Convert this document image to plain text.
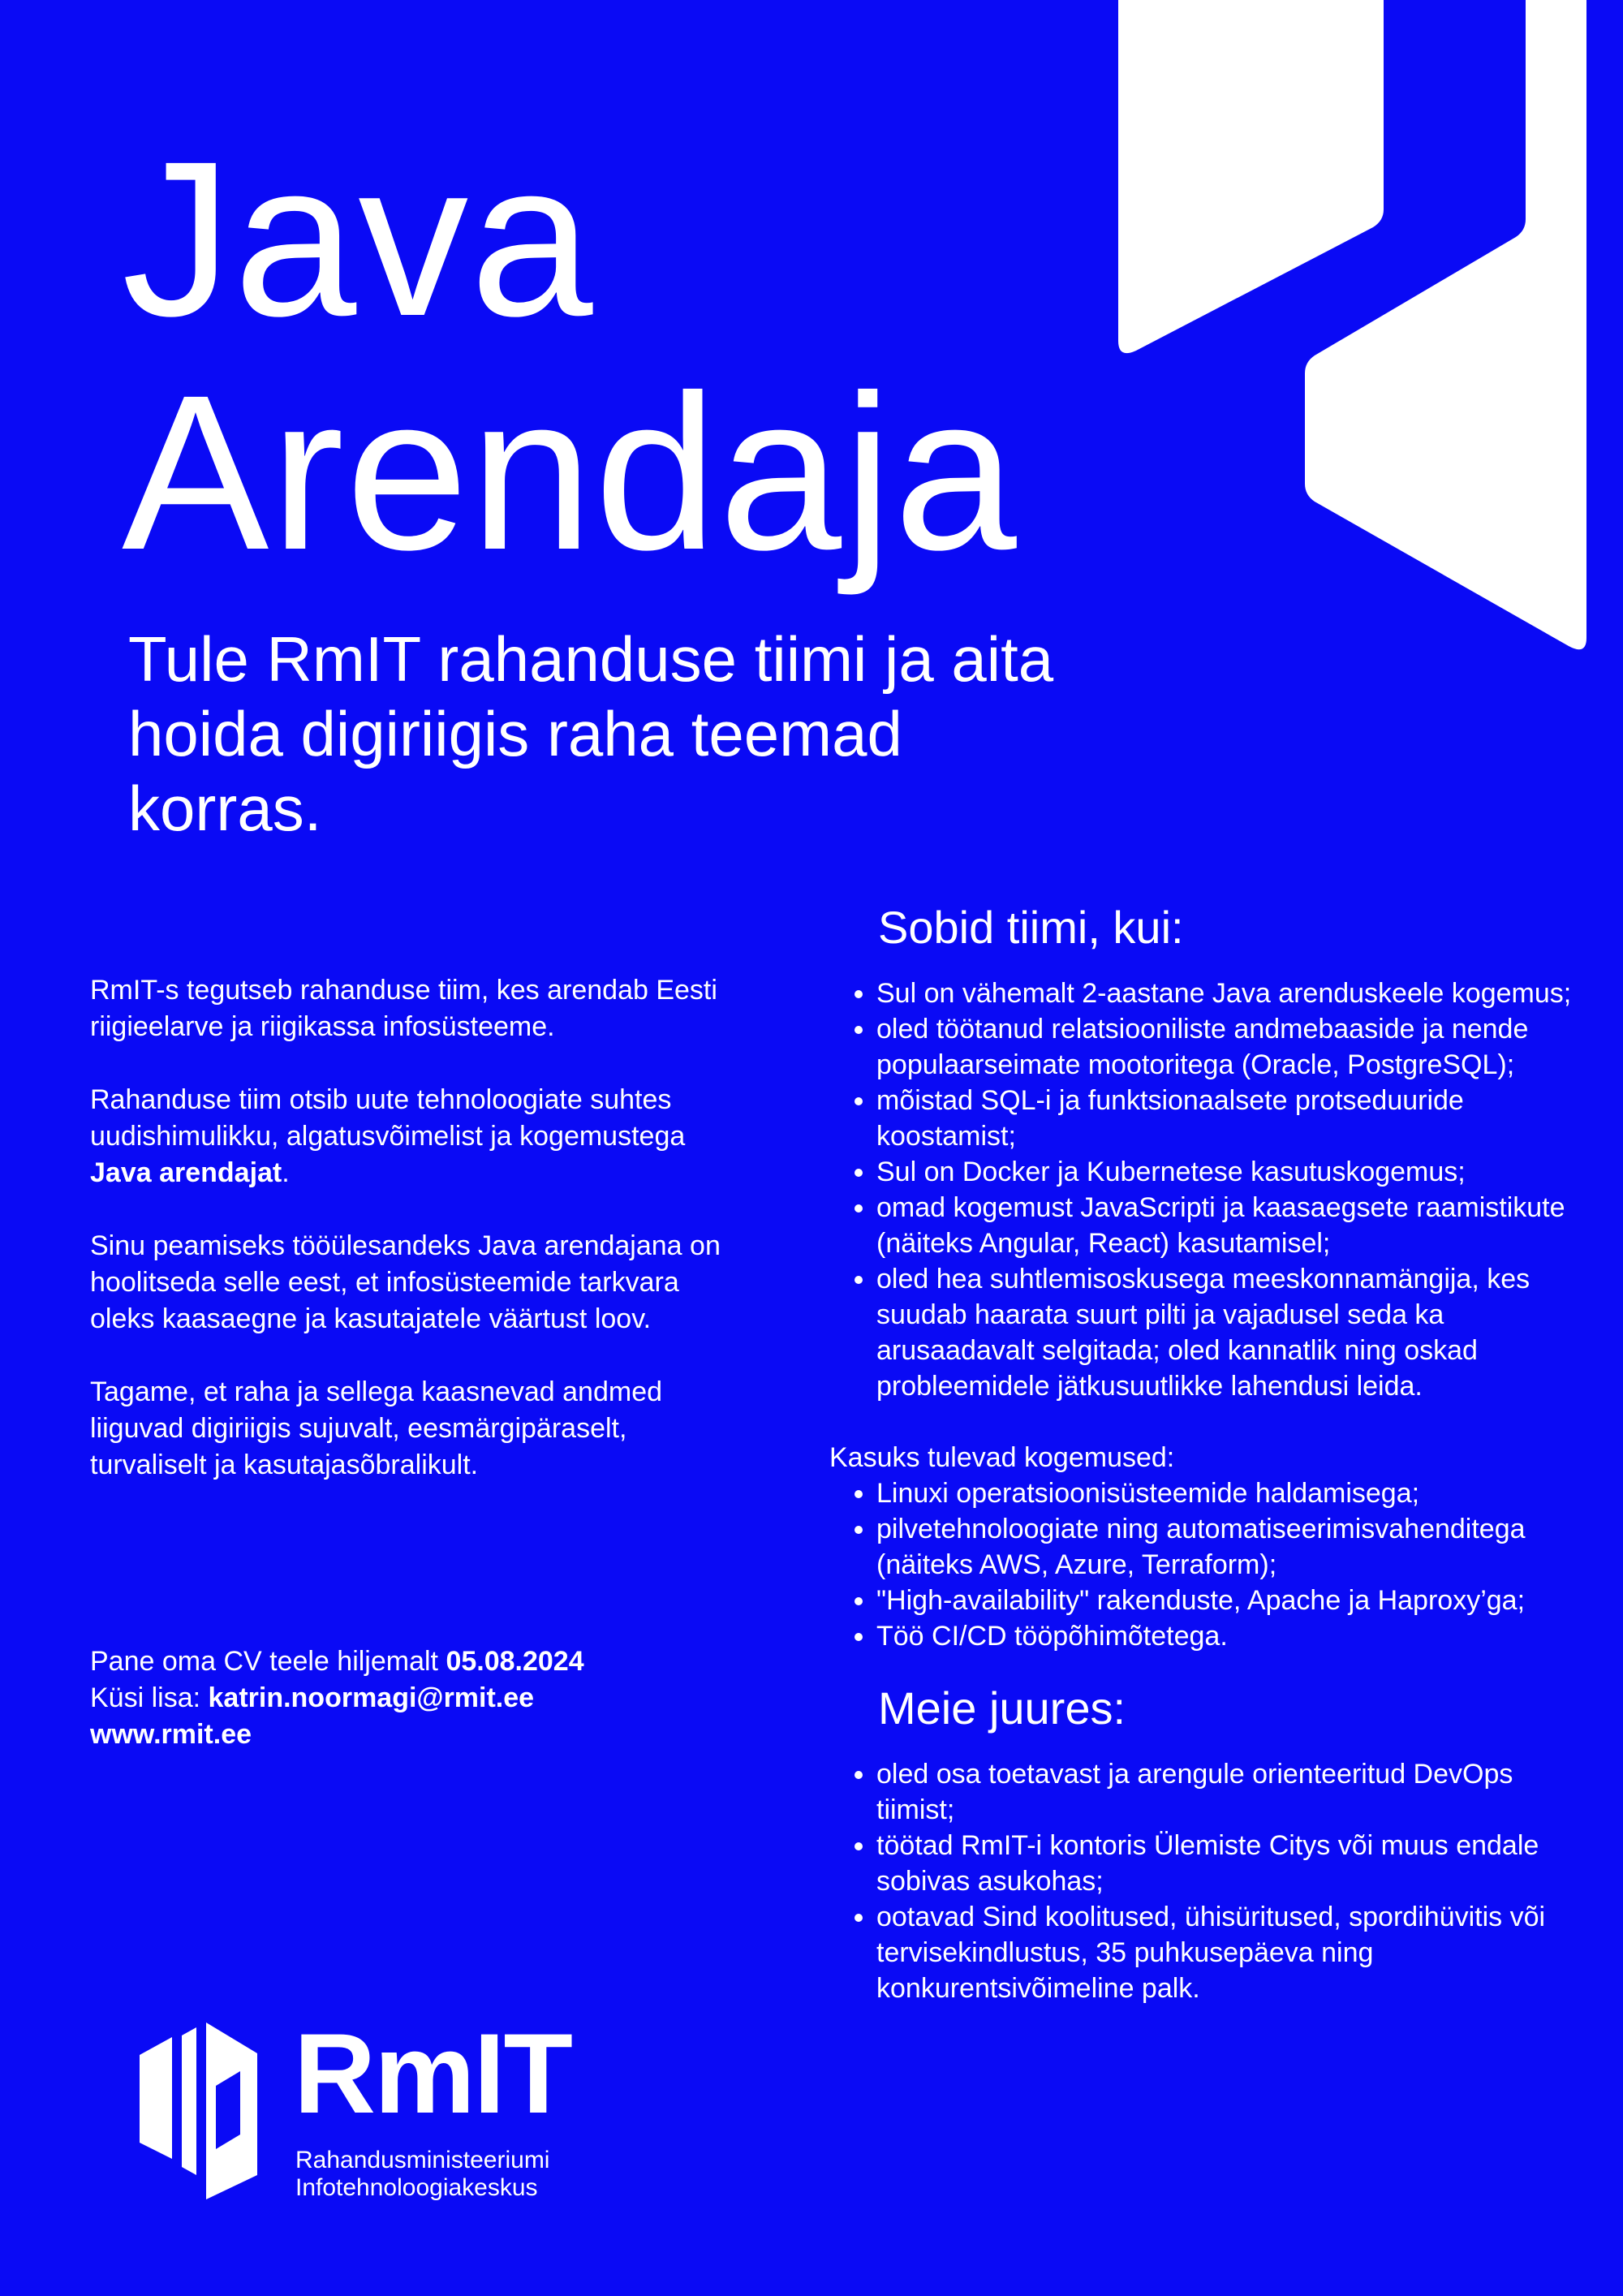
Java
Arendaja
Tule RmIT rahanduse tiimi ja aita hoida digiriigis raha teemad korras.

RmIT-s tegutseb rahanduse tiim, kes arendab Eesti riigieelarve ja riigikassa infosüsteeme.

Rahanduse tiim otsib uute tehnoloogiate suhtes uudishimulikku, algatusvõimelist ja kogemustega Java arendajat.

Sinu peamiseks tööülesandeks Java arendajana on hoolitseda selle eest, et infosüsteemide tarkvara oleks kaasaegne ja kasutajatele väärtust loov.

Tagame, et raha ja sellega kaasnevad andmed liiguvad digiriigis sujuvalt, eesmärgipäraselt, turvaliselt ja kasutajasõbralikult.

Pane oma CV teele hiljemalt 05.08.2024
Küsi lisa: katrin.noormagi@rmit.ee
www.rmit.ee
Sobid tiimi, kui:
• Sul on vähemalt 2-aastane Java arenduskeele kogemus;
• oled töötanud relatsiooniliste andmebaaside ja nende populaarseimate mootoritega (Oracle, PostgreSQL);
• mõistad SQL-i ja funktsionaalsete protseduuride koostamist;
• Sul on Docker ja Kubernetese kasutuskogemus;
• omad kogemust JavaScripti ja kaasaegsete raamistikute (näiteks Angular, React) kasutamisel;
• oled hea suhtlemisoskusega meeskonnamängija, kes suudab haarata suurt pilti ja vajadusel seda ka arusaadavalt selgitada; oled kannatlik ning oskad probleemidele jätkusuutlikke lahendusi leida.
Kasuks tulevad kogemused:
• Linuxi operatsioonisüsteemide haldamisega;
• pilvetehnoloogiate ning automatiseerimisvahenditega (näiteks AWS, Azure, Terraform);
• "High-availability" rakenduste, Apache ja Haproxy’ga;
• Töö CI/CD tööpõhimõtetega.
Meie juures:
• oled osa toetavast ja arengule orienteeritud DevOps tiimist;
• töötad RmIT-i kontoris Ülemiste Citys või muus endale sobivas asukohas;
• ootavad Sind koolitused, ühisüritused, spordihüvitis või tervisekindlustus, 35 puhkusepäeva ning konkurentsivõimeline palk.
RmIT
Rahandusministeeriumi
Infotehnoloogiakeskus
